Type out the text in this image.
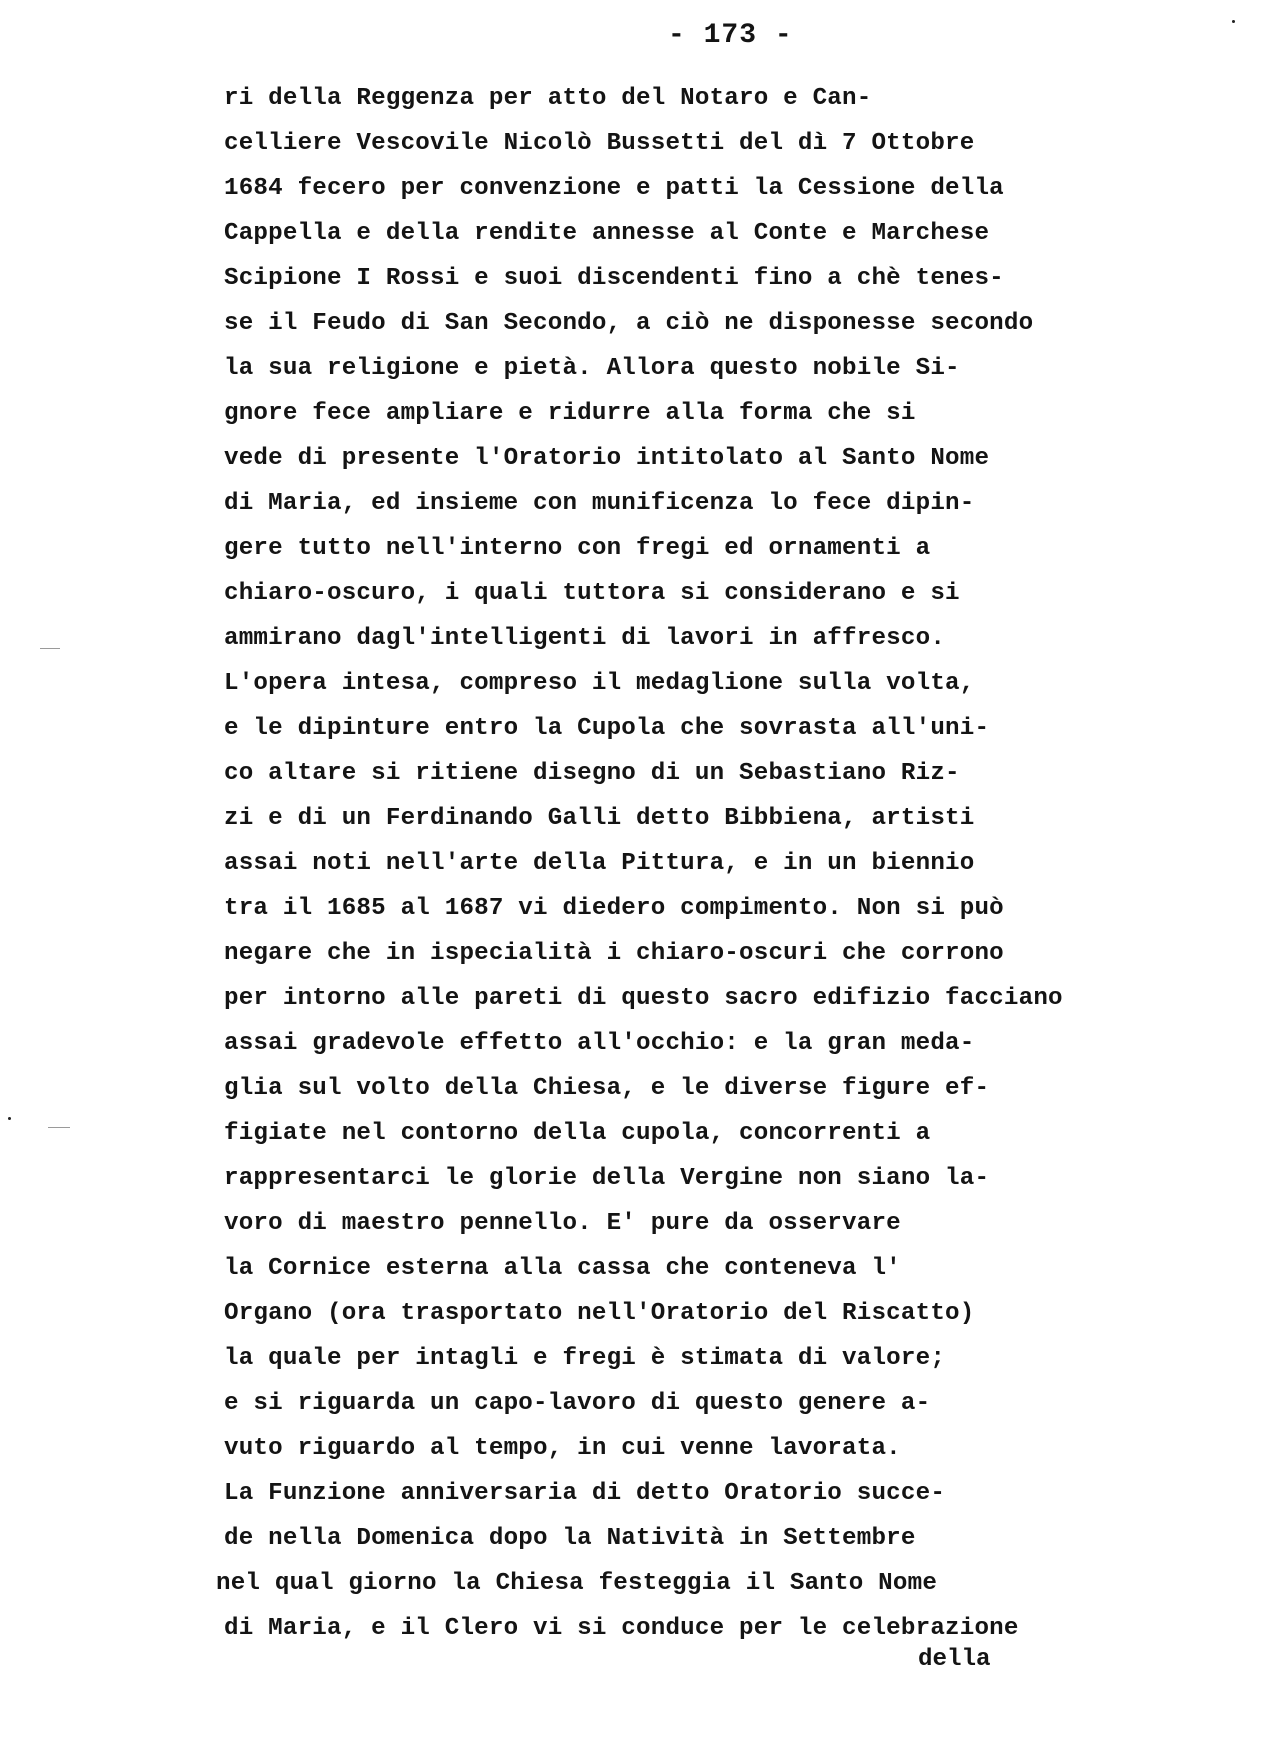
- 173 -
ri della Reggenza per atto del Notaro e Can-
celliere Vescovile Nicolò Bussetti del dì 7 Ottobre
1684 fecero per convenzione e patti la Cessione della
Cappella e della rendite annesse al Conte e Marchese
Scipione I Rossi e suoi discendenti fino a chè tenes-
se il Feudo di San Secondo, a ciò ne disponesse secondo
la sua religione e pietà. Allora questo nobile Si-
gnore fece ampliare e ridurre alla forma che si
vede di presente l'Oratorio intitolato al Santo Nome
di Maria, ed insieme con munificenza lo fece dipin-
gere tutto nell'interno con fregi ed ornamenti a
chiaro-oscuro, i quali tuttora si considerano e si
ammirano dagl'intelligenti di lavori in affresco.
L'opera intesa, compreso il medaglione sulla volta,
e le dipinture entro la Cupola che sovrasta all'uni-
co altare si ritiene disegno di un Sebastiano Riz-
zi e di un Ferdinando Galli detto Bibbiena, artisti
assai noti nell'arte della Pittura, e in un biennio
tra il 1685 al 1687 vi diedero compimento. Non si può
negare che in ispecialità i chiaro-oscuri che corrono
per intorno alle pareti di questo sacro edifizio facciano
assai gradevole effetto all'occhio: e la gran meda-
glia sul volto della Chiesa, e le diverse figure ef-
figiate nel contorno della cupola, concorrenti a
rappresentarci le glorie della Vergine non siano la-
voro di maestro pennello. E' pure da osservare
la Cornice esterna alla cassa che conteneva l'
Organo (ora trasportato nell'Oratorio del Riscatto)
la quale per intagli e fregi è stimata di valore;
e si riguarda un capo-lavoro di questo genere a-
vuto riguardo al tempo, in cui venne lavorata.
La Funzione anniversaria di detto Oratorio succe-
de nella Domenica dopo la Natività in Settembre
nel qual giorno la Chiesa festeggia il Santo Nome
di Maria, e il Clero vi si conduce per le celebrazione
della
